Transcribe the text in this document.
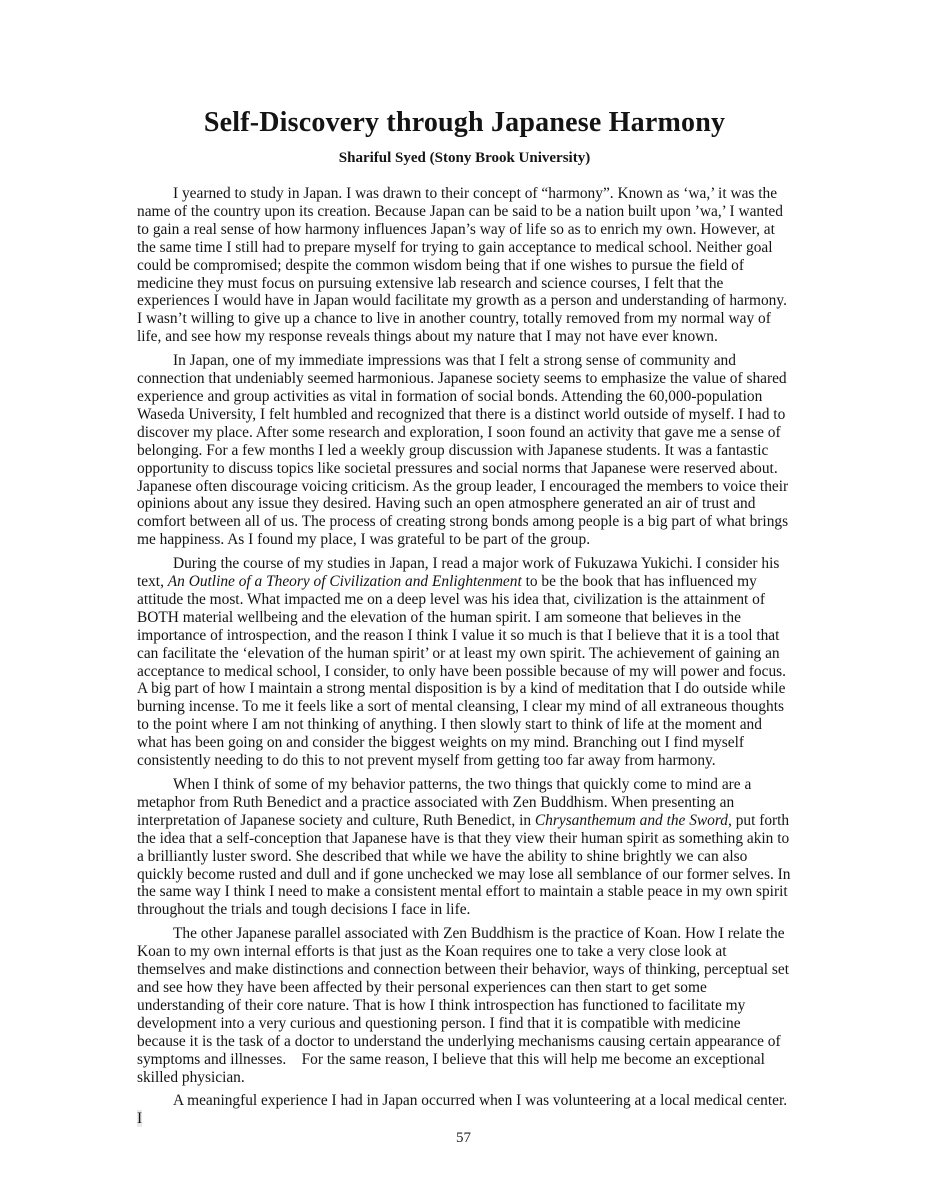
Self-Discovery through Japanese Harmony
Shariful Syed (Stony Brook University)

I yearned to study in Japan. I was drawn to their concept of “harmony”. Known as ‘wa,’ it was the name of the country upon its creation. Because Japan can be said to be a nation built upon ’wa,’ I wanted to gain a real sense of how harmony influences Japan’s way of life so as to enrich my own. However, at the same time I still had to prepare myself for trying to gain acceptance to medical school. Neither goal could be compromised; despite the common wisdom being that if one wishes to pursue the field of medicine they must focus on pursuing extensive lab research and science courses, I felt that the experiences I would have in Japan would facilitate my growth as a person and understanding of harmony. I wasn’t willing to give up a chance to live in another country, totally removed from my normal way of life, and see how my response reveals things about my nature that I may not have ever known.

In Japan, one of my immediate impressions was that I felt a strong sense of community and connection that undeniably seemed harmonious. Japanese society seems to emphasize the value of shared experience and group activities as vital in formation of social bonds. Attending the 60,000-population Waseda University, I felt humbled and recognized that there is a distinct world outside of myself. I had to discover my place. After some research and exploration, I soon found an activity that gave me a sense of belonging. For a few months I led a weekly group discussion with Japanese students. It was a fantastic opportunity to discuss topics like societal pressures and social norms that Japanese were reserved about. Japanese often discourage voicing criticism. As the group leader, I encouraged the members to voice their opinions about any issue they desired. Having such an open atmosphere generated an air of trust and comfort between all of us. The process of creating strong bonds among people is a big part of what brings me happiness. As I found my place, I was grateful to be part of the group.

During the course of my studies in Japan, I read a major work of Fukuzawa Yukichi. I consider his text, An Outline of a Theory of Civilization and Enlightenment to be the book that has influenced my attitude the most. What impacted me on a deep level was his idea that, civilization is the attainment of BOTH material wellbeing and the elevation of the human spirit. I am someone that believes in the importance of introspection, and the reason I think I value it so much is that I believe that it is a tool that can facilitate the ‘elevation of the human spirit’ or at least my own spirit. The achievement of gaining an acceptance to medical school, I consider, to only have been possible because of my will power and focus. A big part of how I maintain a strong mental disposition is by a kind of meditation that I do outside while burning incense. To me it feels like a sort of mental cleansing, I clear my mind of all extraneous thoughts to the point where I am not thinking of anything. I then slowly start to think of life at the moment and what has been going on and consider the biggest weights on my mind. Branching out I find myself consistently needing to do this to not prevent myself from getting too far away from harmony.

When I think of some of my behavior patterns, the two things that quickly come to mind are a metaphor from Ruth Benedict and a practice associated with Zen Buddhism. When presenting an interpretation of Japanese society and culture, Ruth Benedict, in Chrysanthemum and the Sword, put forth the idea that a self-conception that Japanese have is that they view their human spirit as something akin to a brilliantly luster sword. She described that while we have the ability to shine brightly we can also quickly become rusted and dull and if gone unchecked we may lose all semblance of our former selves. In the same way I think I need to make a consistent mental effort to maintain a stable peace in my own spirit throughout the trials and tough decisions I face in life.

The other Japanese parallel associated with Zen Buddhism is the practice of Koan. How I relate the Koan to my own internal efforts is that just as the Koan requires one to take a very close look at themselves and make distinctions and connection between their behavior, ways of thinking, perceptual set and see how they have been affected by their personal experiences can then start to get some understanding of their core nature. That is how I think introspection has functioned to facilitate my development into a very curious and questioning person. I find that it is compatible with medicine because it is the task of a doctor to understand the underlying mechanisms causing certain appearance of symptoms and illnesses.    For the same reason, I believe that this will help me become an exceptional skilled physician.

A meaningful experience I had in Japan occurred when I was volunteering at a local medical center. I

57
